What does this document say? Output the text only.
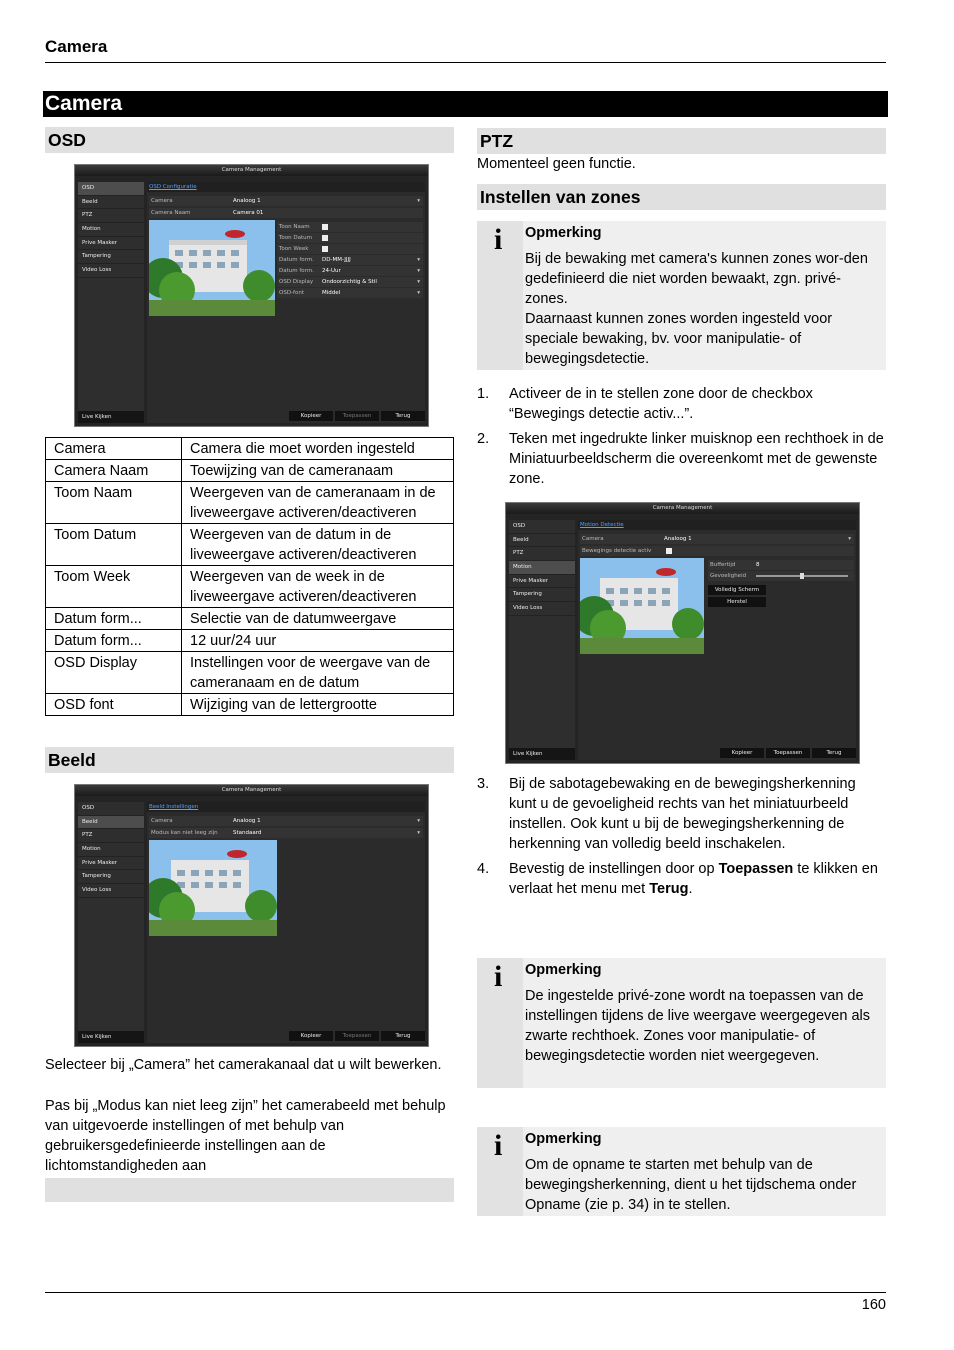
Camera
Camera
OSD
Camera Management
OSD
Beeld
PTZ
Motion
Prive Masker
Tampering
Video Loss
Live Kijken
OSD Configuratie
Camera	Analoog 1	▾
Camera Naam	Camera 01
Toon Naam
Toon Datum
Toon Week
Datum form. DD-MM-JJJJ	▾
Datum form. 24-Uur	▾
OSD Display Ondoorzichtig & Stil	▾
OSD-font	Middel	▾
Kopieer	Toepassen	Terug
Camera	Camera die moet worden ingesteld
Camera Naam	Toewijzing van de cameranaam
Toom Naam	Weergeven van de cameranaam in de liveweergave activeren/deactiveren
Toom Datum	Weergeven van de datum in de liveweergave activeren/deactiveren
Toom Week	Weergeven van de week in de liveweergave activeren/deactiveren
Datum form...	Selectie van de datumweergave
Datum form...	12 uur/24 uur
OSD Display	Instellingen voor de weergave van de cameranaam en de datum
OSD font	Wijziging van de lettergrootte
Beeld
Camera Management
OSD
Beeld
PTZ
Motion
Prive Masker
Tampering
Video Loss
Live Kijken
Beeld Instellingen
Camera	Analoog 1	▾
Modus kan niet leeg zijn	Standaard	▾
Kopieer	Toepassen	Terug
Selecteer bij „Camera” het camerakanaal dat u wilt bewerken.
Pas bij „Modus kan niet leeg zijn” het camerabeeld met behulp van uitgevoerde instellingen of met behulp van gebruikersgedefinieerde instellingen aan de lichtomstandigheden aan
PTZ
Momenteel geen functie.
Instellen van zones
i Opmerking
Bij de bewaking met camera's kunnen zones wor-den gedefinieerd die niet worden bewaakt, zgn. privé-zones.
Daarnaast kunnen zones worden ingesteld voor speciale bewaking, bv. voor manipulatie- of bewegingsdetectie.
1. Activeer de in te stellen zone door de checkbox “Bewegings detectie activ...”.
2. Teken met ingedrukte linker muisknop een rechthoek in de Miniatuurbeeldscherm die overeenkomt met de gewenste zone.
Camera Management
OSD
Beeld
PTZ
Motion
Prive Masker
Tampering
Video Loss
Live Kijken
Motion Detectie
Camera	Analoog 1	▾
Bewegings detectie activ
Buffertijd	8
Gevoeligheid
Volledig Scherm
Herstel
Kopieer	Toepassen	Terug
3. Bij de sabotagebewaking en de bewegingsherkenning kunt u de gevoeligheid rechts van het miniatuurbeeld instellen. Ook kunt u bij de bewegingsherkenning de herkenning van volledig beeld inschakelen.
4. Bevestig de instellingen door op Toepassen te klikken en verlaat het menu met Terug.
i Opmerking
De ingestelde privé-zone wordt na toepassen van de instellingen tijdens de live weergave weergegeven als zwarte rechthoek. Zones voor manipulatie- of bewegingsdetectie worden niet weergegeven.
i Opmerking
Om de opname te starten met behulp van de bewegingsherkenning, dient u het tijdschema onder Opname (zie p. 34) in te stellen.
160
